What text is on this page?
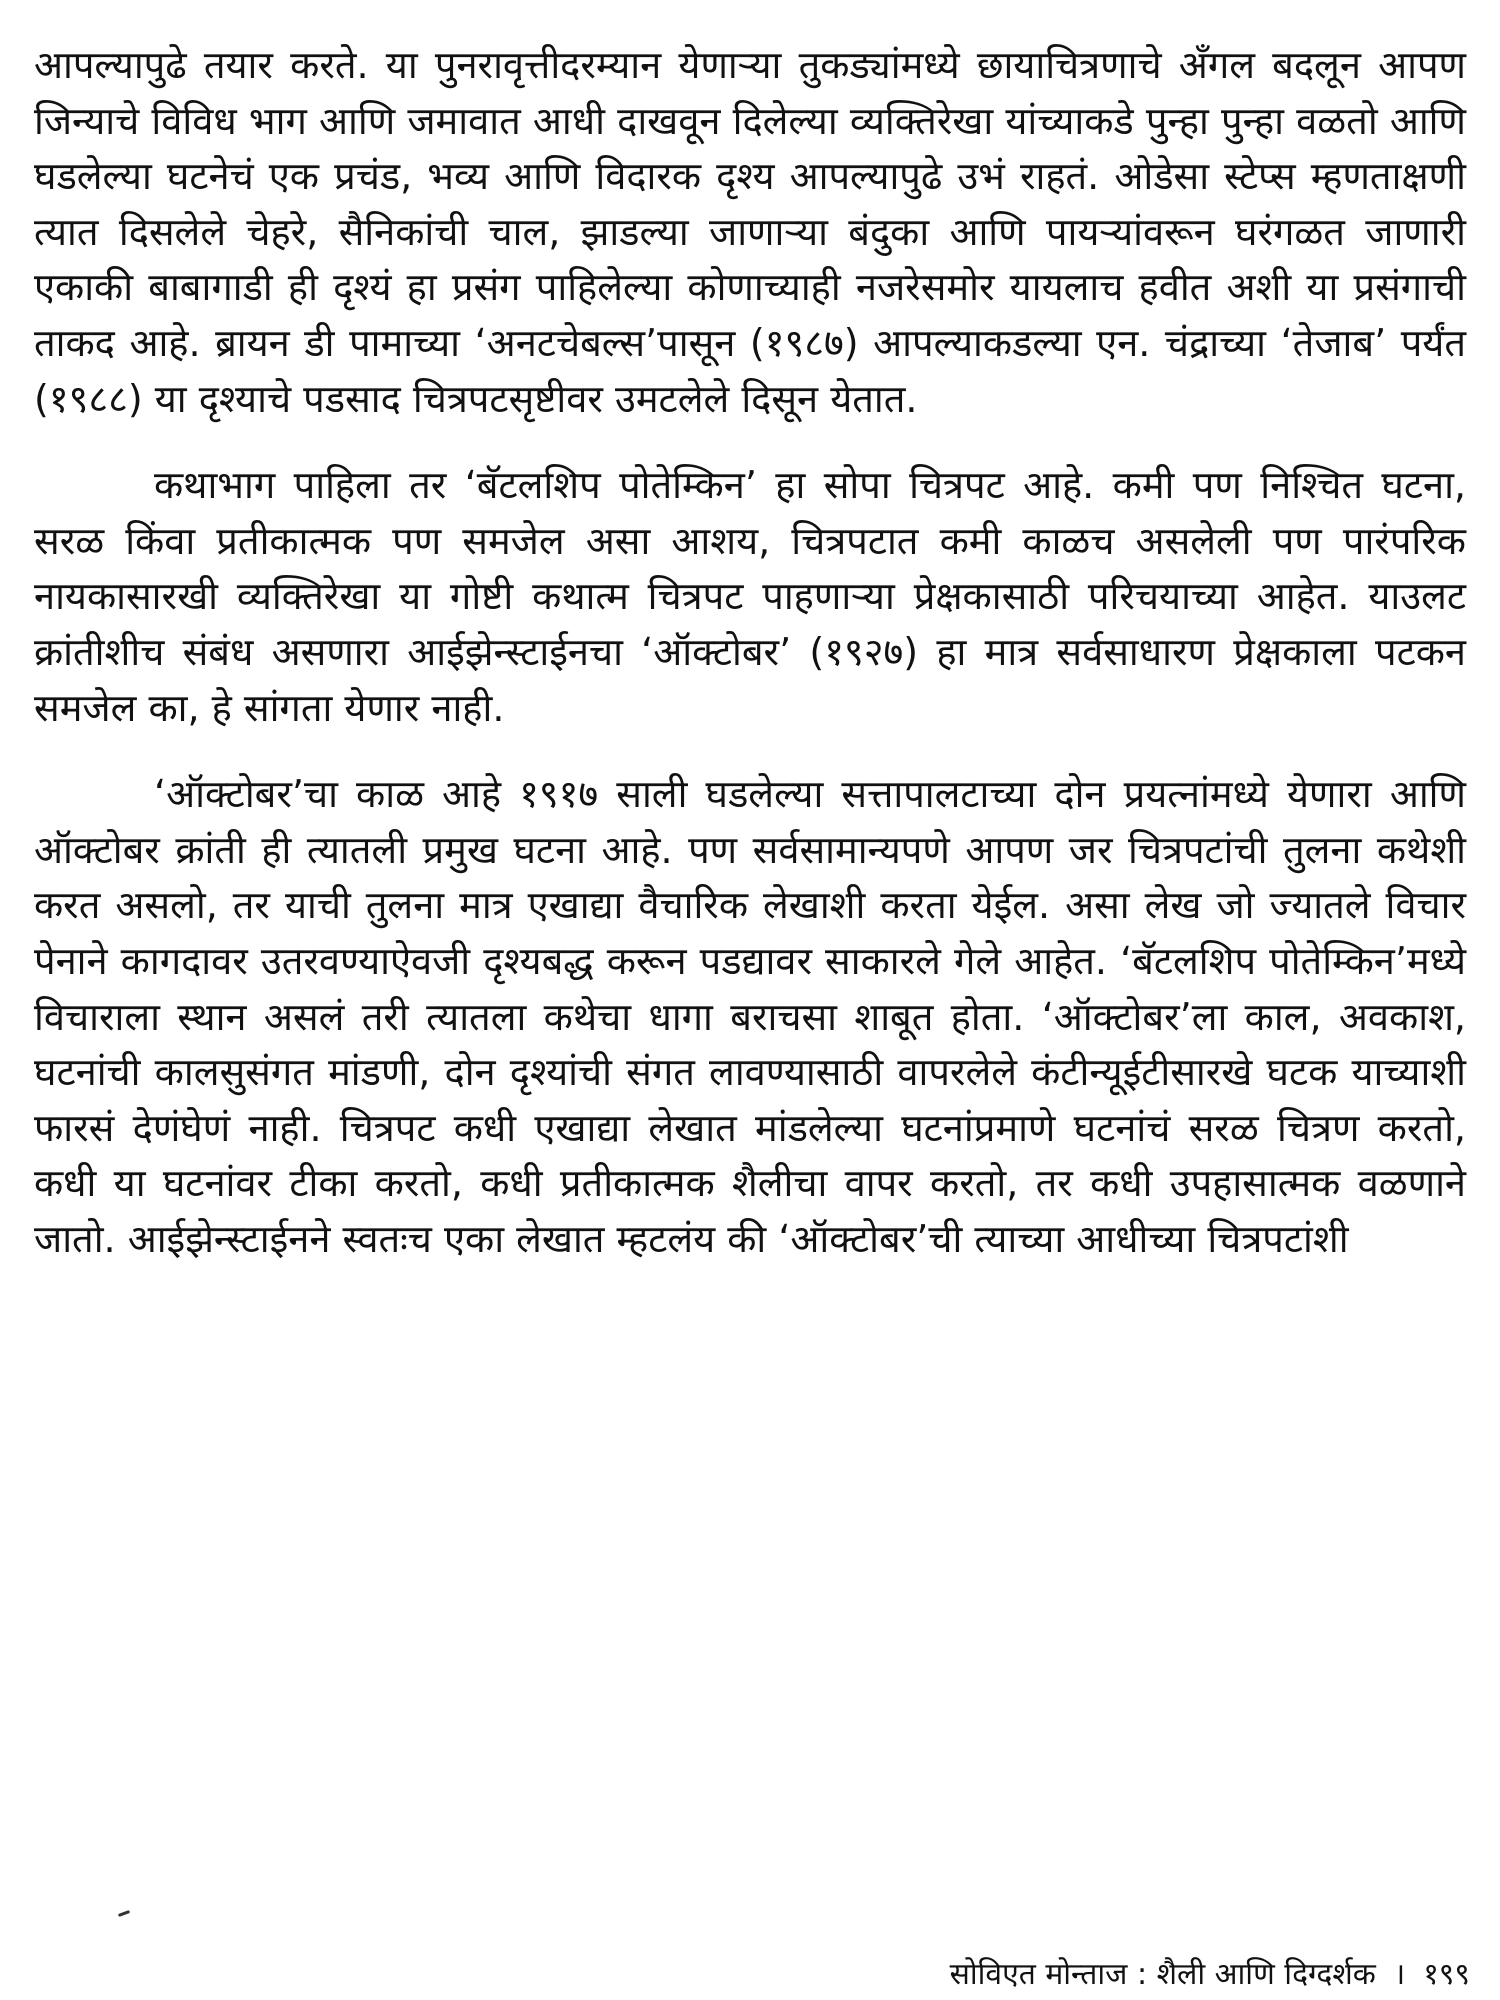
आपल्यापुढे तयार करते. या पुनरावृत्तीदरम्यान येणाऱ्या तुकड्यांमध्ये छायाचित्रणाचे अँगल बदलून आपण जिन्याचे विविध भाग आणि जमावात आधी दाखवून दिलेल्या व्यक्तिरेखा यांच्याकडे पुन्हा पुन्हा वळतो आणि घडलेल्या घटनेचं एक प्रचंड, भव्य आणि विदारक दृश्य आपल्यापुढे उभं राहतं. ओडेसा स्टेप्स म्हणताक्षणी त्यात दिसलेले चेहरे, सैनिकांची चाल, झाडल्या जाणाऱ्या बंदुका आणि पायऱ्यांवरून घरंगळत जाणारी एकाकी बाबागाडी ही दृश्यं हा प्रसंग पाहिलेल्या कोणाच्याही नजरेसमोर यायलाच हवीत अशी या प्रसंगाची ताकद आहे. ब्रायन डी पामाच्या ‘अनटचेबल्स’पासून (१९८७) आपल्याकडल्या एन. चंद्राच्या ‘तेजाब’ पर्यंत (१९८८) या दृश्याचे पडसाद चित्रपटसृष्टीवर उमटलेले दिसून येतात.

कथाभाग पाहिला तर ‘बॅटलशिप पोतेम्किन’ हा सोपा चित्रपट आहे. कमी पण निश्चित घटना, सरळ किंवा प्रतीकात्मक पण समजेल असा आशय, चित्रपटात कमी काळच असलेली पण पारंपरिक नायकासारखी व्यक्तिरेखा या गोष्टी कथात्म चित्रपट पाहणाऱ्या प्रेक्षकासाठी परिचयाच्या आहेत. याउलट क्रांतीशीच संबंध असणारा आईझेन्स्टाईनचा ‘ऑक्टोबर’ (१९२७) हा मात्र सर्वसाधारण प्रेक्षकाला पटकन समजेल का, हे सांगता येणार नाही.

‘ऑक्टोबर’चा काळ आहे १९१७ साली घडलेल्या सत्तापालटाच्या दोन प्रयत्नांमध्ये येणारा आणि ऑक्टोबर क्रांती ही त्यातली प्रमुख घटना आहे. पण सर्वसामान्यपणे आपण जर चित्रपटांची तुलना कथेशी करत असलो, तर याची तुलना मात्र एखाद्या वैचारिक लेखाशी करता येईल. असा लेख जो ज्यातले विचार पेनाने कागदावर उतरवण्याऐवजी दृश्यबद्ध करून पडद्यावर साकारले गेले आहेत. ‘बॅटलशिप पोतेम्किन’मध्ये विचाराला स्थान असलं तरी त्यातला कथेचा धागा बराचसा शाबूत होता. ‘ऑक्टोबर’ला काल, अवकाश, घटनांची कालसुसंगत मांडणी, दोन दृश्यांची संगत लावण्यासाठी वापरलेले कंटीन्यूईटीसारखे घटक याच्याशी फारसं देणंघेणं नाही. चित्रपट कधी एखाद्या लेखात मांडलेल्या घटनांप्रमाणे घटनांचं सरळ चित्रण करतो, कधी या घटनांवर टीका करतो, कधी प्रतीकात्मक शैलीचा वापर करतो, तर कधी उपहासात्मक वळणाने जातो. आईझेन्स्टाईनने स्वतःच एका लेखात म्हटलंय की ‘ऑक्टोबर’ची त्याच्या आधीच्या चित्रपटांशी

सोविएत मोन्ताज : शैली आणि दिग्दर्शक । १९९
